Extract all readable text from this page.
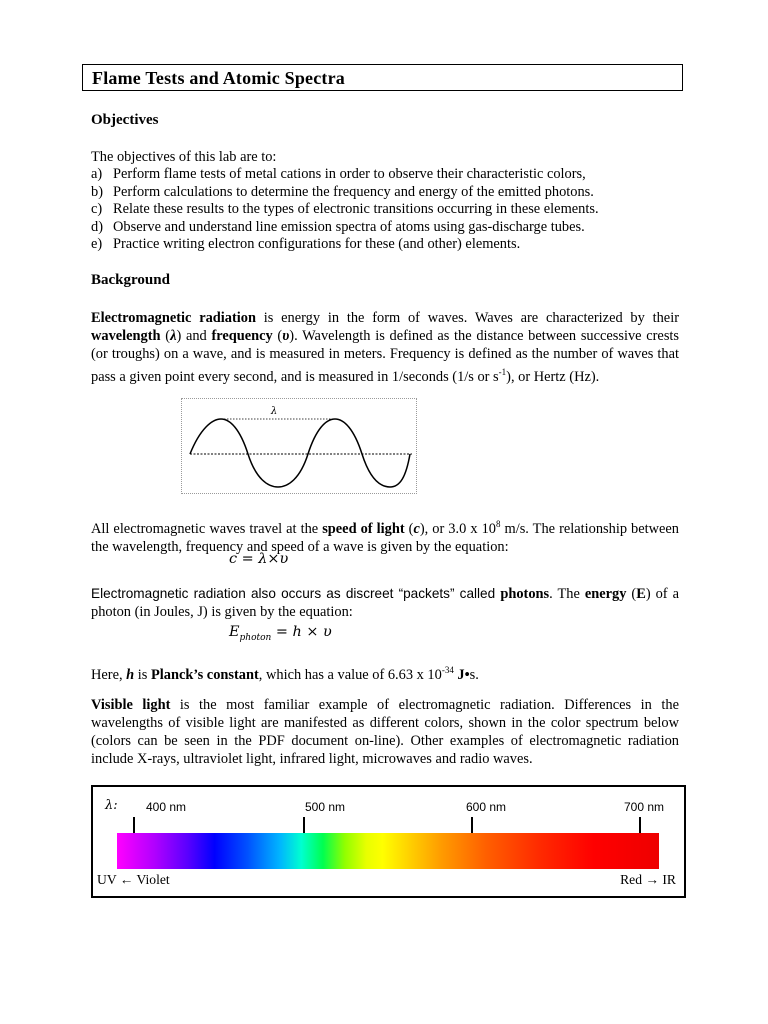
Flame Tests and Atomic Spectra
Objectives
The objectives of this lab are to:
a) Perform flame tests of metal cations in order to observe their characteristic colors,
b) Perform calculations to determine the frequency and energy of the emitted photons.
c) Relate these results to the types of electronic transitions occurring in these elements.
d) Observe and understand line emission spectra of atoms using gas-discharge tubes.
e) Practice writing electron configurations for these (and other) elements.
Background
Electromagnetic radiation is energy in the form of waves. Waves are characterized by their wavelength (λ) and frequency (υ). Wavelength is defined as the distance between successive crests (or troughs) on a wave, and is measured in meters. Frequency is defined as the number of waves that pass a given point every second, and is measured in 1/seconds (1/s or $s^{-1}$), or Hertz (Hz).
λ
All electromagnetic waves travel at the speed of light (c), or 3.0 x $10^8$ m/s. The relationship between the wavelength, frequency and speed of a wave is given by the equation:
c = λ×υ
Electromagnetic radiation also occurs as discreet “packets” called photons. The energy (E) of a photon (in Joules, J) is given by the equation:
$E_{photon} = h \times \upsilon$
Here, h is Planck’s constant, which has a value of 6.63 x $10^{-34}$ J•s.
Visible light is the most familiar example of electromagnetic radiation. Differences in the wavelengths of visible light are manifested as different colors, shown in the color spectrum below (colors can be seen in the PDF document on-line). Other examples of electromagnetic radiation include X-rays, ultraviolet light, infrared light, microwaves and radio waves.
λ: 400 nm	500 nm	600 nm	700 nm
UV ← Violet	Red → IR
